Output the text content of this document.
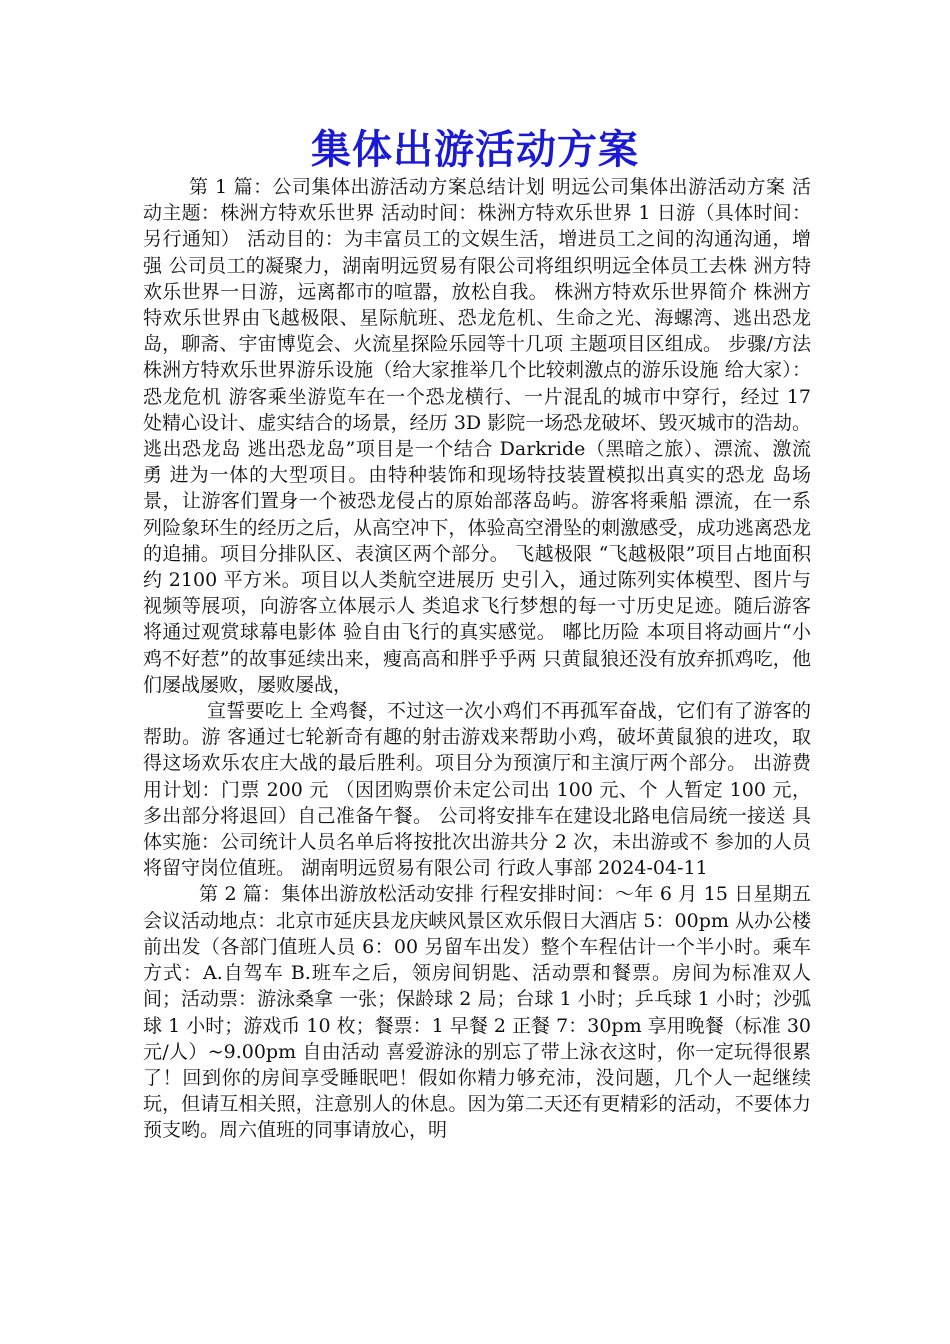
集体出游活动方案

第 1 篇：公司集体出游活动方案总结计划 明远公司集体出游活动方案 活动主题：株洲方特欢乐世界 活动时间：株洲方特欢乐世界 1 日游（具体时间：另行通知） 活动目的：为丰富员工的文娱生活，增进员工之间的沟通沟通，增强 公司员工的凝聚力，湖南明远贸易有限公司将组织明远全体员工去株 洲方特欢乐世界一日游，远离都市的喧嚣，放松自我。 株洲方特欢乐世界简介 株洲方特欢乐世界由飞越极限、星际航班、恐龙危机、生命之光、海螺湾、逃出恐龙岛，聊斋、宇宙博览会、火流星探险乐园等十几项 主题项目区组成。 步骤/方法 株洲方特欢乐世界游乐设施（给大家推举几个比较刺激点的游乐设施 给大家）： 恐龙危机 游客乘坐游览车在一个恐龙横行、一片混乱的城市中穿行，经过 17 处精心设计、虚实结合的场景，经历 3D 影院一场恐龙破坏、毁灭城市的浩劫。 逃出恐龙岛 逃出恐龙岛”项目是一个结合 Darkride（黑暗之旅）、漂流、激流勇 进为一体的大型项目。由特种装饰和现场特技装置模拟出真实的恐龙 岛场景，让游客们置身一个被恐龙侵占的原始部落岛屿。游客将乘船 漂流，在一系列险象环生的经历之后，从高空冲下，体验高空滑坠的刺激感受，成功逃离恐龙的追捕。项目分排队区、表演区两个部分。 飞越极限 “飞越极限”项目占地面积约 2100 平方米。项目以人类航空进展历 史引入，通过陈列实体模型、图片与视频等展项，向游客立体展示人 类追求飞行梦想的每一寸历史足迹。随后游客将通过观赏球幕电影体 验自由飞行的真实感觉。 嘟比历险 本项目将动画片“小鸡不好惹”的故事延续出来，瘦高高和胖乎乎两 只黄鼠狼还没有放弃抓鸡吃，他们屡战屡败，屡败屡战，

宣誓要吃上 全鸡餐，不过这一次小鸡们不再孤军奋战，它们有了游客的帮助。游 客通过七轮新奇有趣的射击游戏来帮助小鸡，破坏黄鼠狼的进攻，取 得这场欢乐农庄大战的最后胜利。项目分为预演厅和主演厅两个部分。 出游费用计划：门票 200 元 （因团购票价未定公司出 100 元、个 人暂定 100 元，多出部分将退回）自己准备午餐。 公司将安排车在建设北路电信局统一接送 具体实施：公司统计人员名单后将按批次出游共分 2 次，未出游或不 参加的人员将留守岗位值班。 湖南明远贸易有限公司 行政人事部 2024-04-11

第 2 篇：集体出游放松活动安排 行程安排时间：～年 6 月 15 日星期五会议活动地点：北京市延庆县龙庆峡风景区欢乐假日大酒店 5：00pm 从办公楼前出发（各部门值班人员 6：00 另留车出发）整个车程估计一个半小时。乘车方式：A.自驾车 B.班车之后，领房间钥匙、活动票和餐票。房间为标准双人间；活动票：游泳桑拿 一张；保龄球 2 局；台球 1 小时；乒乓球 1 小时；沙弧球 1 小时；游戏币 10 枚；餐票：1 早餐 2 正餐 7：30pm 享用晚餐（标准 30 元/人）~9.00pm 自由活动 喜爱游泳的别忘了带上泳衣这时，你一定玩得很累了！回到你的房间享受睡眠吧！假如你精力够充沛，没问题，几个人一起继续玩，但请互相关照，注意别人的休息。因为第二天还有更精彩的活动，不要体力预支哟。周六值班的同事请放心，明
